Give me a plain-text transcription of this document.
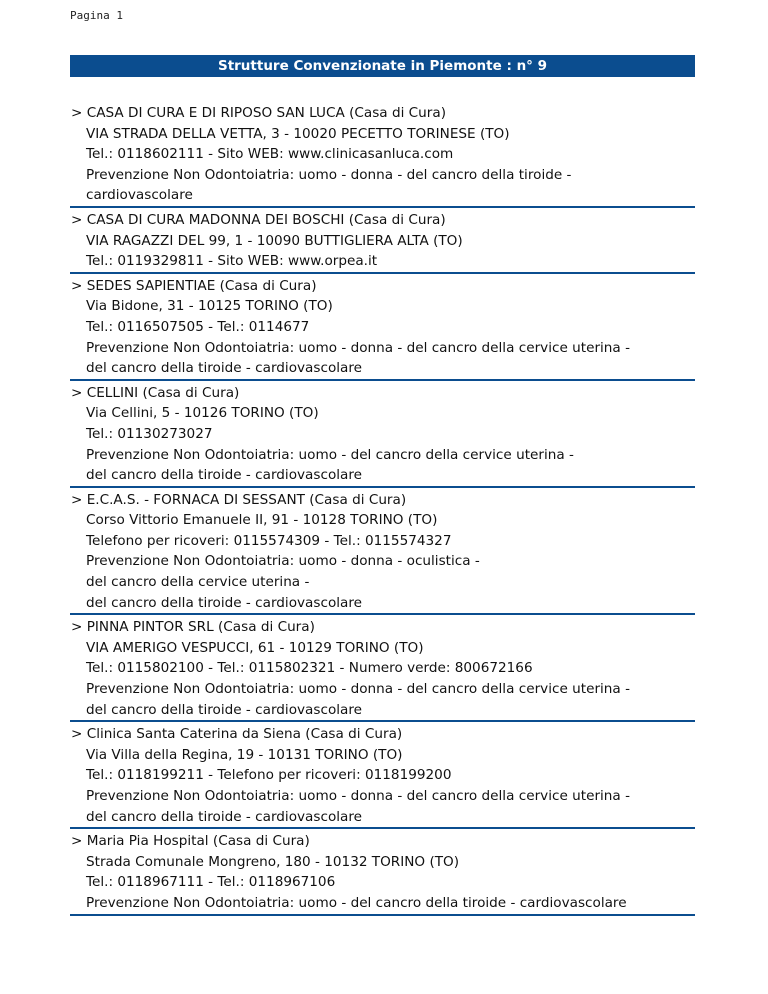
Pagina 1
Strutture Convenzionate in Piemonte : n° 9
> CASA DI CURA E DI RIPOSO SAN LUCA (Casa di Cura)
VIA STRADA DELLA VETTA, 3 - 10020 PECETTO TORINESE (TO)
Tel.: 0118602111 - Sito WEB: www.clinicasanluca.com
Prevenzione Non Odontoiatria: uomo - donna - del cancro della tiroide -
cardiovascolare
> CASA DI CURA MADONNA DEI BOSCHI (Casa di Cura)
VIA RAGAZZI DEL 99, 1 - 10090 BUTTIGLIERA ALTA (TO)
Tel.: 0119329811 - Sito WEB: www.orpea.it
> SEDES SAPIENTIAE (Casa di Cura)
Via Bidone, 31 - 10125 TORINO (TO)
Tel.: 0116507505 - Tel.: 0114677
Prevenzione Non Odontoiatria: uomo - donna - del cancro della cervice uterina -
del cancro della tiroide - cardiovascolare
> CELLINI (Casa di Cura)
Via Cellini, 5 - 10126 TORINO (TO)
Tel.: 01130273027
Prevenzione Non Odontoiatria: uomo - del cancro della cervice uterina -
del cancro della tiroide - cardiovascolare
> E.C.A.S. - FORNACA DI SESSANT (Casa di Cura)
Corso Vittorio Emanuele II, 91 - 10128 TORINO (TO)
Telefono per ricoveri: 0115574309 - Tel.: 0115574327
Prevenzione Non Odontoiatria: uomo - donna - oculistica -
del cancro della cervice uterina -
del cancro della tiroide - cardiovascolare
> PINNA PINTOR SRL (Casa di Cura)
VIA AMERIGO VESPUCCI, 61 - 10129 TORINO (TO)
Tel.: 0115802100 - Tel.: 0115802321 - Numero verde: 800672166
Prevenzione Non Odontoiatria: uomo - donna - del cancro della cervice uterina -
del cancro della tiroide - cardiovascolare
> Clinica Santa Caterina da Siena (Casa di Cura)
Via Villa della Regina, 19 - 10131 TORINO (TO)
Tel.: 0118199211 - Telefono per ricoveri: 0118199200
Prevenzione Non Odontoiatria: uomo - donna - del cancro della cervice uterina -
del cancro della tiroide - cardiovascolare
> Maria Pia Hospital (Casa di Cura)
Strada Comunale Mongreno, 180 - 10132 TORINO (TO)
Tel.: 0118967111 - Tel.: 0118967106
Prevenzione Non Odontoiatria: uomo - del cancro della tiroide - cardiovascolare
